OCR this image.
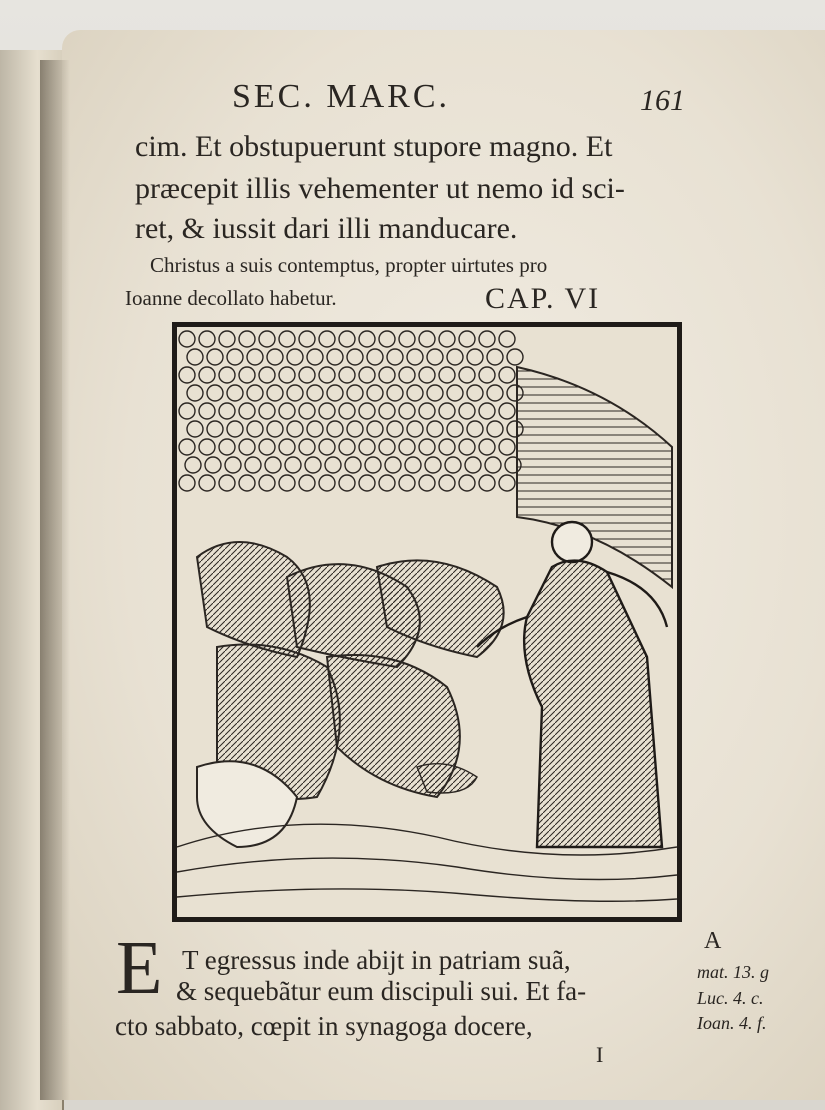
SEC. MARC.	161
cim. Et obstupuerunt stupore magno. Et
præcepit illis vehementer ut nemo id sci-
ret, & iussit dari illi manducare.
Christus a suis contemptus, propter uirtutes pro
Ioanne decollato habetur.	CAP. VI
E T egressus inde abijt in patriam suã,
& sequebãtur eum discipuli sui. Et fa-
cto sabbato, cœpit in synagoga docere,
A
mat. 13. g
Luc. 4. c.
Ioan. 4. f.
I
